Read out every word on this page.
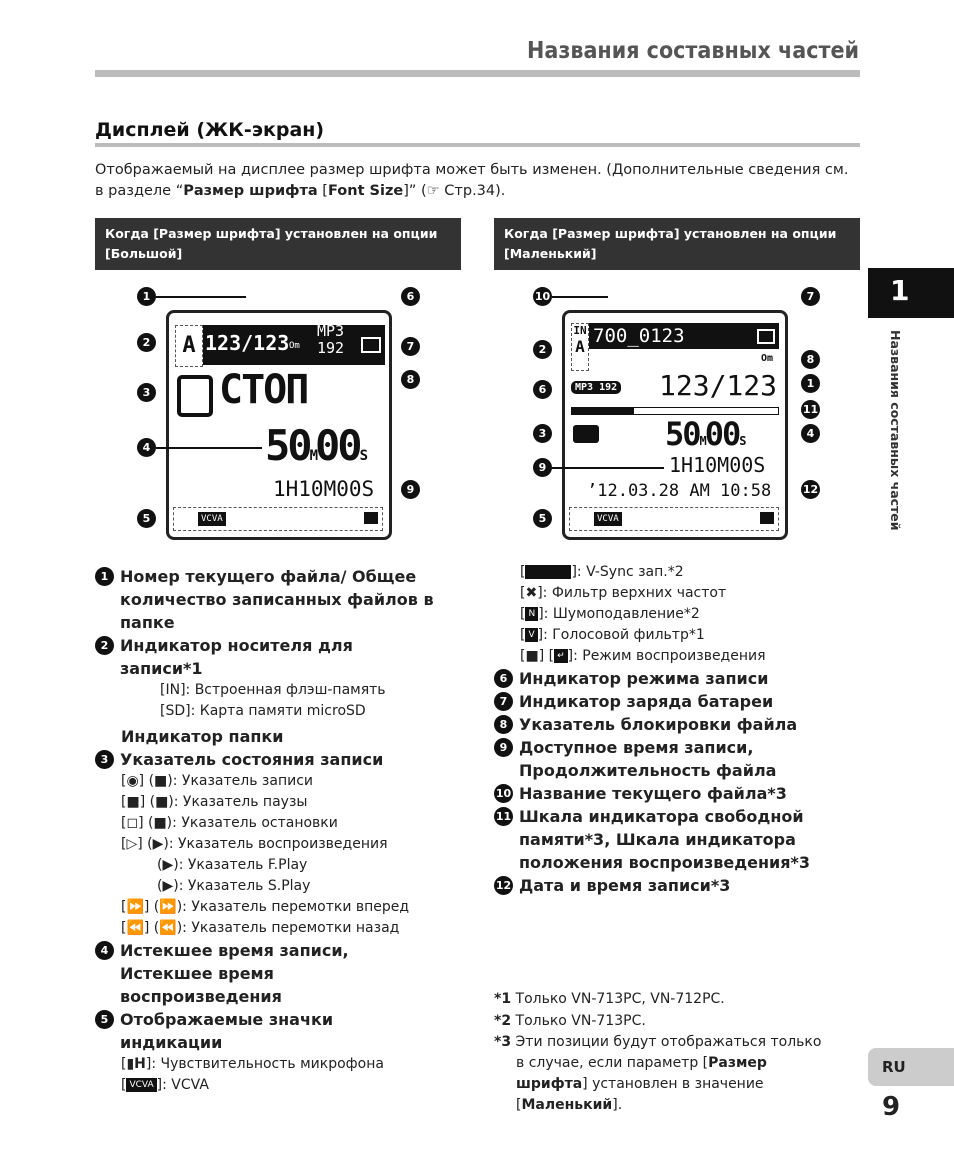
Названия составных частей
Дисплей (ЖК-экран)
Отображаемый на дисплее размер шрифта может быть изменен. (Дополнительные сведения см. в разделе “Размер шрифта [Font Size]” (☞ Стр.34).
Когда [Размер шрифта] установлен на опции [Большой]
Когда [Размер шрифта] установлен на опции [Маленький]
A 123/123 Om
MP3
192
СТОП
50M00S
1H10M00S
VCVA
IN
A 700_0123
Om
MP3 192 123/123
50M00S
1H10M00S
’12.03.28 AM 10:58
VCVA
1
2
3
4
5
6
7
8
9
10
2
6
3
9
5
7
8
1
11
4
12
1 Номер текущего файла/ Общее количество записанных файлов в папке
2 Индикатор носителя для записи*1
[IN]: Встроенная флэш-память
[SD]: Карта памяти microSD
Индикатор папки
3 Указатель состояния записи
[◉] (■): Указатель записи
[■] (■): Указатель паузы
[◻] (■): Указатель остановки
[▷] (▶): Указатель воспроизведения
(▶): Указатель F.Play
(▶): Указатель S.Play
[⏩] (⏩): Указатель перемотки вперед
[⏪] (⏪): Указатель перемотки назад
4 Истекшее время записи, Истекшее время воспроизведения
5 Отображаемые значки индикации
[▮H]: Чувствительность микрофона
[ VCVA ]: VCVA
[	]: V-Sync зап.*2
[✖]: Фильтр верхних частот
[ N ]: Шумоподавление*2
[ V ]: Голосовой фильтр*1
[■] [ ↵ ]: Режим воспроизведения
6 Индикатор режима записи
7 Индикатор заряда батареи
8 Указатель блокировки файла
9 Доступное время записи, Продолжительность файла
10 Название текущего файла*3
11 Шкала индикатора свободной памяти*3, Шкала индикатора положения воспроизведения*3
12 Дата и время записи*3
*1 Только VN-713PC, VN-712PC.
*2 Только VN-713PC.
*3 Эти позиции будут отображаться только в случае, если параметр [Размер шрифта] установлен в значение [Маленький].
1
Названия составных частей
RU
9
